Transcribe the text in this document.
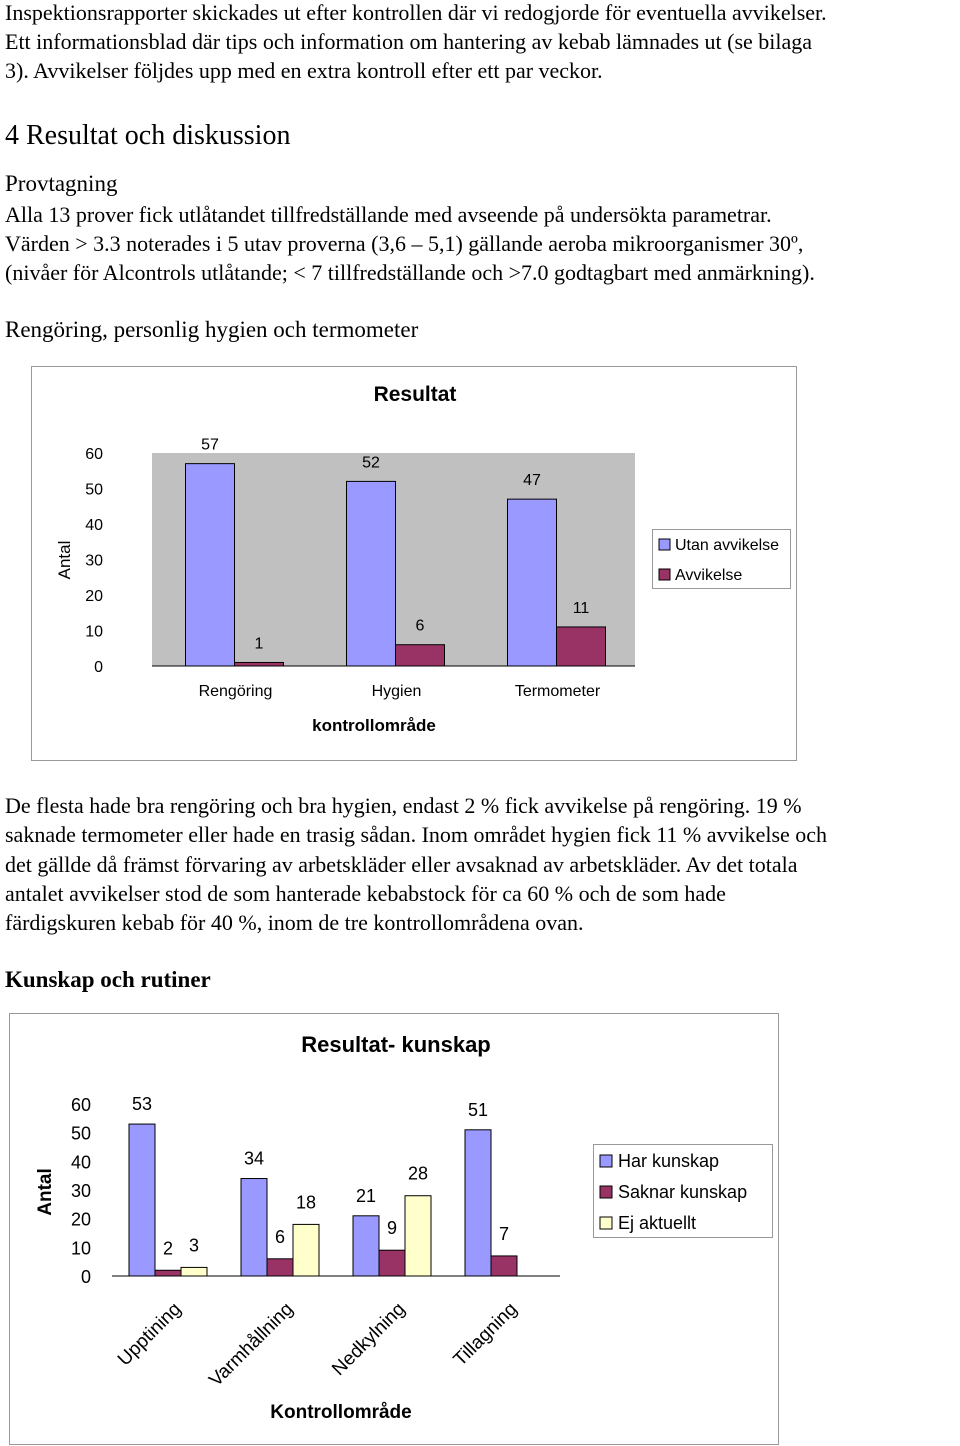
Inspektionsrapporter skickades ut efter kontrollen där vi redogjorde för eventuella avvikelser.

Ett informationsblad där tips och information om hantering av kebab lämnades ut (se bilaga

3). Avvikelser följdes upp med en extra kontroll efter ett par veckor.

4 Resultat och diskussion
Provtagning

Alla 13 prover fick utlåtandet tillfredställande med avseende på undersökta parametrar.

Värden > 3.3 noterades i 5 utav proverna (3,6 – 5,1) gällande aeroba mikroorganismer 30º,

(nivåer för Alcontrols utlåtande; < 7 tillfredställande och >7.0 godtagbart med anmärkning).

Rengöring, personlig hygien och termometer
Resultat
0
10
20
30
40
50
60
Rengöring
57
1
Hygien
52
6
Termometer
47
11
Antal
kontrollområde
Utan avvikelse
Avvikelse

De flesta hade bra rengöring och bra hygien, endast 2 % fick avvikelse på rengöring. 19 %

saknade termometer eller hade en trasig sådan. Inom området hygien fick 11 % avvikelse och

det gällde då främst förvaring av arbetskläder eller avsaknad av arbetskläder. Av det totala

antalet avvikelser stod de som hanterade kebabstock för ca 60 % och de som hade

färdigskuren kebab för 40 %, inom de tre kontrollområdena ovan.

Kunskap och rutiner
Resultat- kunskap
0
10
20
30
40
50
60
Upptining
53
2 3
Varmhållning
34
6
18
Nedkylning
21
9
28
Tillagning
51
7
Antal
Kontrollområde
Har kunskap
Saknar kunskap
Ej aktuellt
